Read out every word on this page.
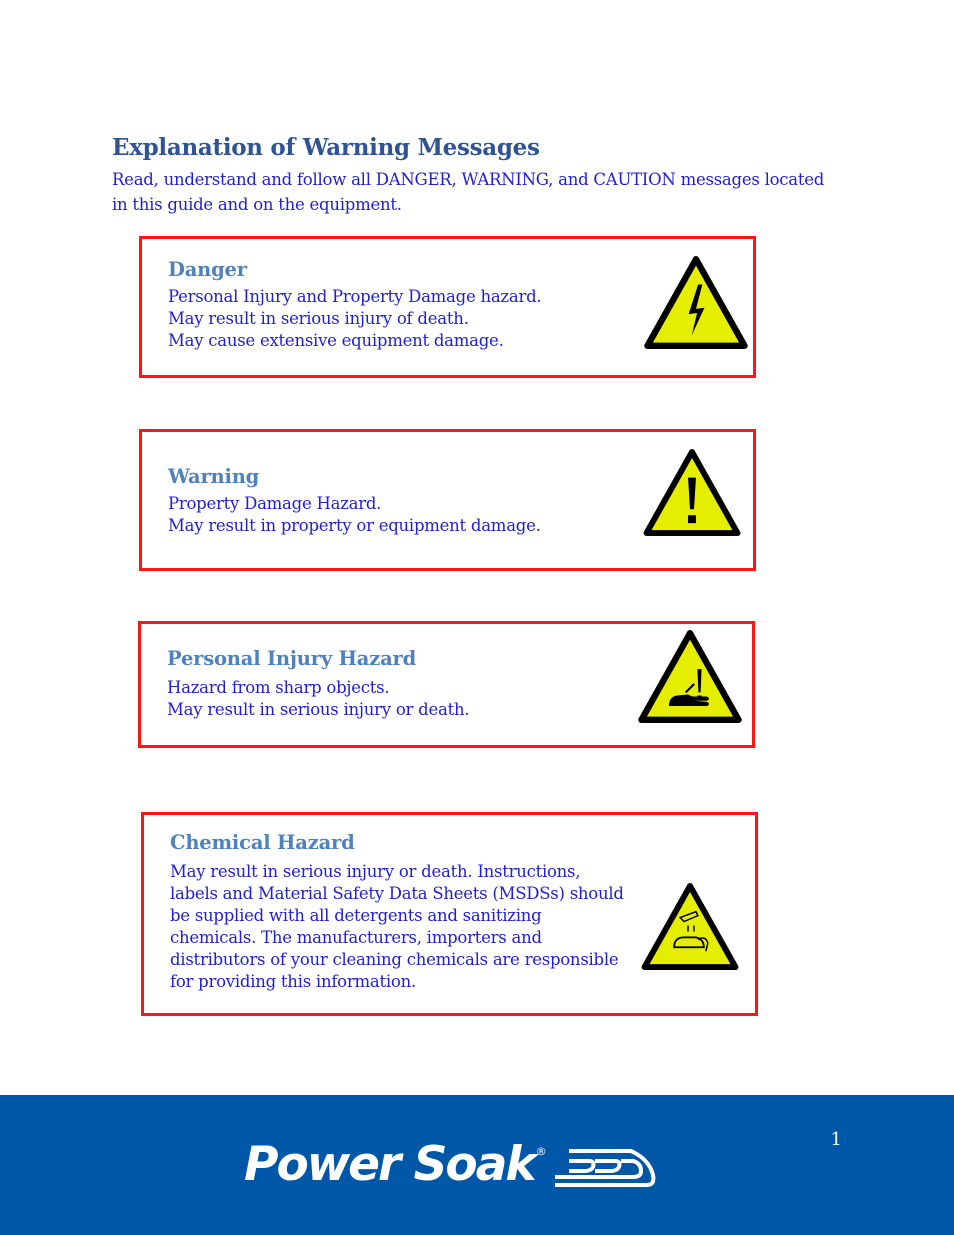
Explanation of Warning Messages
Read, understand and follow all DANGER, WARNING, and CAUTION messages located in this guide and on the equipment.
Danger
Personal Injury and Property Damage hazard.
May result in serious injury of death.
May cause extensive equipment damage.
Warning
Property Damage Hazard.
May result in property or equipment damage.
Personal Injury Hazard
Hazard from sharp objects.
May result in serious injury or death.
Chemical Hazard
May result in serious injury or death. Instructions,
labels and Material Safety Data Sheets (MSDSs) should
be supplied with all detergents and sanitizing
chemicals. The manufacturers, importers and
distributors of your cleaning chemicals are responsible
for providing this information.
1
Power Soak ®
